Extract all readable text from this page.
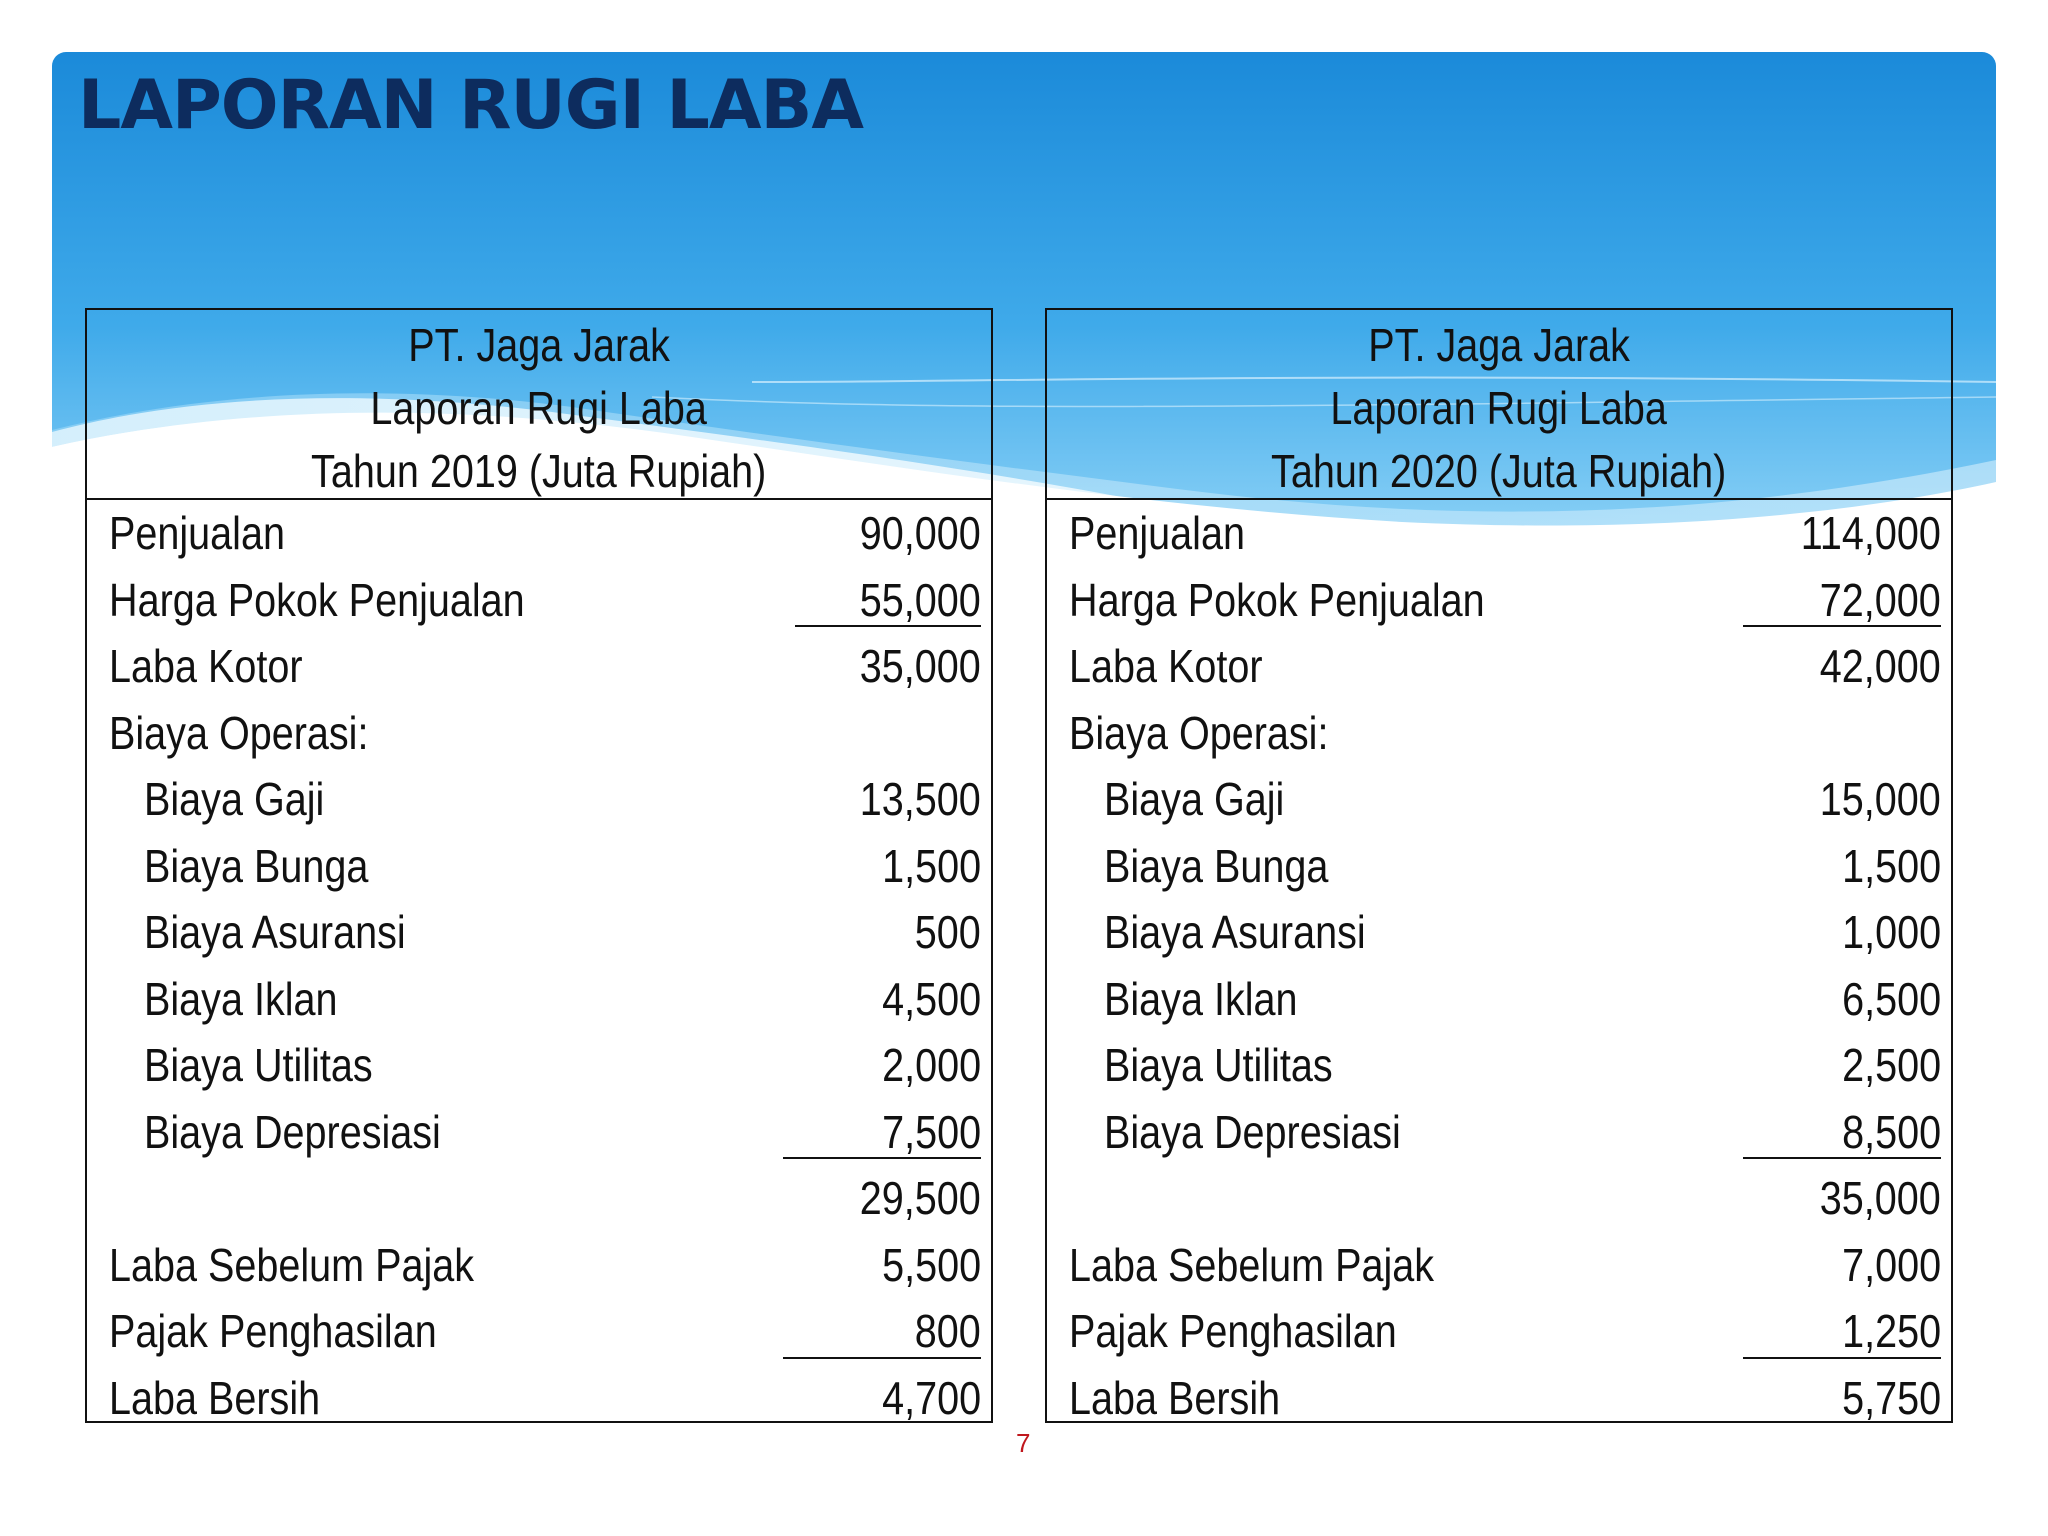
LAPORAN RUGI LABA
PT. Jaga Jarak
Laporan Rugi Laba
Tahun 2019 (Juta Rupiah)
Penjualan	90,000
Harga Pokok Penjualan	55,000
Laba Kotor	35,000
Biaya Operasi:
Biaya Gaji	13,500
Biaya Bunga	1,500
Biaya Asuransi	500
Biaya Iklan	4,500
Biaya Utilitas	2,000
Biaya Depresiasi	7,500
29,500
Laba Sebelum Pajak	5,500
Pajak Penghasilan	800
Laba Bersih	4,700
PT. Jaga Jarak
Laporan Rugi Laba
Tahun 2020 (Juta Rupiah)
Penjualan	114,000
Harga Pokok Penjualan	72,000
Laba Kotor	42,000
Biaya Operasi:
Biaya Gaji	15,000
Biaya Bunga	1,500
Biaya Asuransi	1,000
Biaya Iklan	6,500
Biaya Utilitas	2,500
Biaya Depresiasi	8,500
35,000
Laba Sebelum Pajak	7,000
Pajak Penghasilan	1,250
Laba Bersih	5,750
7
